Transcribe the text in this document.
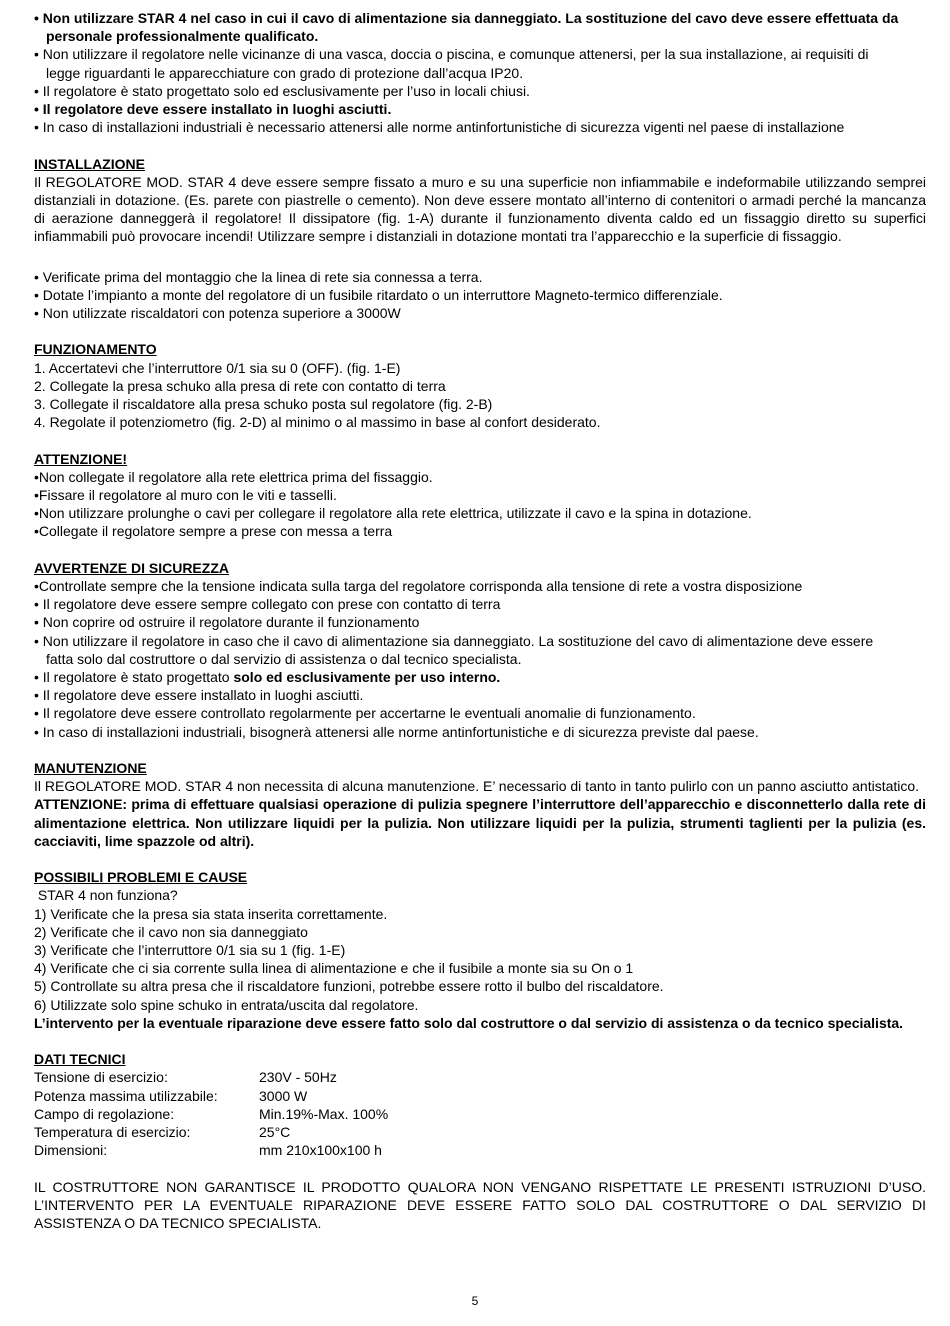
• Non utilizzare STAR 4 nel caso in cui il cavo di alimentazione sia danneggiato. La sostituzione del cavo deve essere effettuata da

personale professionalmente qualificato.

• Non utilizzare il regolatore nelle vicinanze di una vasca, doccia o piscina, e comunque attenersi, per la sua installazione, ai requisiti di

legge riguardanti le apparecchiature con grado di protezione dall’acqua IP20.

• Il regolatore è stato progettato solo ed esclusivamente per l’uso in locali chiusi.

• Il regolatore deve essere installato in luoghi asciutti.

• In caso di installazioni industriali è necessario attenersi alle norme antinfortunistiche di sicurezza vigenti nel paese di installazione

INSTALLAZIONE

Il REGOLATORE MOD. STAR 4 deve essere sempre fissato a muro e su una superficie non infiammabile e indeformabile utilizzando semprei distanziali in dotazione. (Es. parete con piastrelle o cemento). Non deve essere montato all’interno di contenitori o armadi perché la mancanza di aerazione danneggerà il regolatore! Il dissipatore (fig. 1-A) durante il funzionamento diventa caldo ed un fissaggio diretto su superfici infiammabili può provocare incendi! Utilizzare sempre i distanziali in dotazione montati tra l’apparecchio e la superficie di fissaggio.

• Verificate prima del montaggio che la linea di rete sia connessa a terra.

• Dotate l’impianto a monte del regolatore di un fusibile ritardato o un interruttore Magneto-termico differenziale.

• Non utilizzate riscaldatori con potenza superiore a 3000W

FUNZIONAMENTO

1. Accertatevi che l’interruttore 0/1 sia su 0 (OFF). (fig. 1-E)

2. Collegate la presa schuko alla presa di rete con contatto di terra

3. Collegate il riscaldatore alla presa schuko posta sul regolatore (fig. 2-B)

4. Regolate il potenziometro (fig. 2-D) al minimo o al massimo in base al confort desiderato.

ATTENZIONE!

•Non collegate il regolatore alla rete elettrica prima del fissaggio.

•Fissare il regolatore al muro con le viti e tasselli.

•Non utilizzare prolunghe o cavi per collegare il regolatore alla rete elettrica, utilizzate il cavo e la spina in dotazione.

•Collegate il regolatore sempre a prese con messa a terra

AVVERTENZE DI SICUREZZA

•Controllate sempre che la tensione indicata sulla targa del regolatore corrisponda alla tensione di rete a vostra disposizione

• Il regolatore deve essere sempre collegato con prese con contatto di terra

• Non coprire od ostruire il regolatore durante il funzionamento

• Non utilizzare il regolatore in caso che il cavo di alimentazione sia danneggiato. La sostituzione del cavo di alimentazione deve essere

fatta solo dal costruttore o dal servizio di assistenza o dal tecnico specialista.

• Il regolatore è stato progettato solo ed esclusivamente per uso interno.

• Il regolatore deve essere installato in luoghi asciutti.

• Il regolatore deve essere controllato regolarmente per accertarne le eventuali anomalie di funzionamento.

• In caso di installazioni industriali, bisognerà attenersi alle norme antinfortunistiche e di sicurezza previste dal paese.

MANUTENZIONE

Il REGOLATORE MOD. STAR 4 non necessita di alcuna manutenzione. E’ necessario di tanto in tanto pulirlo con un panno asciutto antistatico.

ATTENZIONE: prima di effettuare qualsiasi operazione di pulizia spegnere l’interruttore dell’apparecchio e disconnetterlo dalla rete di alimentazione elettrica. Non utilizzare liquidi per la pulizia. Non utilizzare liquidi per la pulizia, strumenti taglienti per la pulizia (es. cacciaviti, lime spazzole od altri).

POSSIBILI PROBLEMI E CAUSE

STAR 4 non funziona?

1) Verificate che la presa sia stata inserita correttamente.

2) Verificate che il cavo non sia danneggiato

3) Verificate che l’interruttore 0/1 sia su 1 (fig. 1-E)

4) Verificate che ci sia corrente sulla linea di alimentazione e che il fusibile a monte sia su On o 1

5) Controllate su altra presa che il riscaldatore funzioni, potrebbe essere rotto il bulbo del riscaldatore.

6) Utilizzate solo spine schuko in entrata/uscita dal regolatore.

L’intervento per la eventuale riparazione deve essere fatto solo dal costruttore o dal servizio di assistenza o da tecnico specialista.

DATI TECNICI

Tensione di esercizio:	230V - 50Hz
Potenza massima utilizzabile:	3000 W
Campo di regolazione:	Min.19%-Max. 100%
Temperatura di esercizio:	25°C
Dimensioni:	mm 210x100x100 h

IL COSTRUTTORE NON GARANTISCE IL PRODOTTO QUALORA NON VENGANO RISPETTATE LE PRESENTI ISTRUZIONI D’USO. L’INTERVENTO PER LA EVENTUALE RIPARAZIONE DEVE ESSERE FATTO SOLO DAL COSTRUTTORE O DAL SERVIZIO DI ASSISTENZA O DA TECNICO SPECIALISTA.

5
